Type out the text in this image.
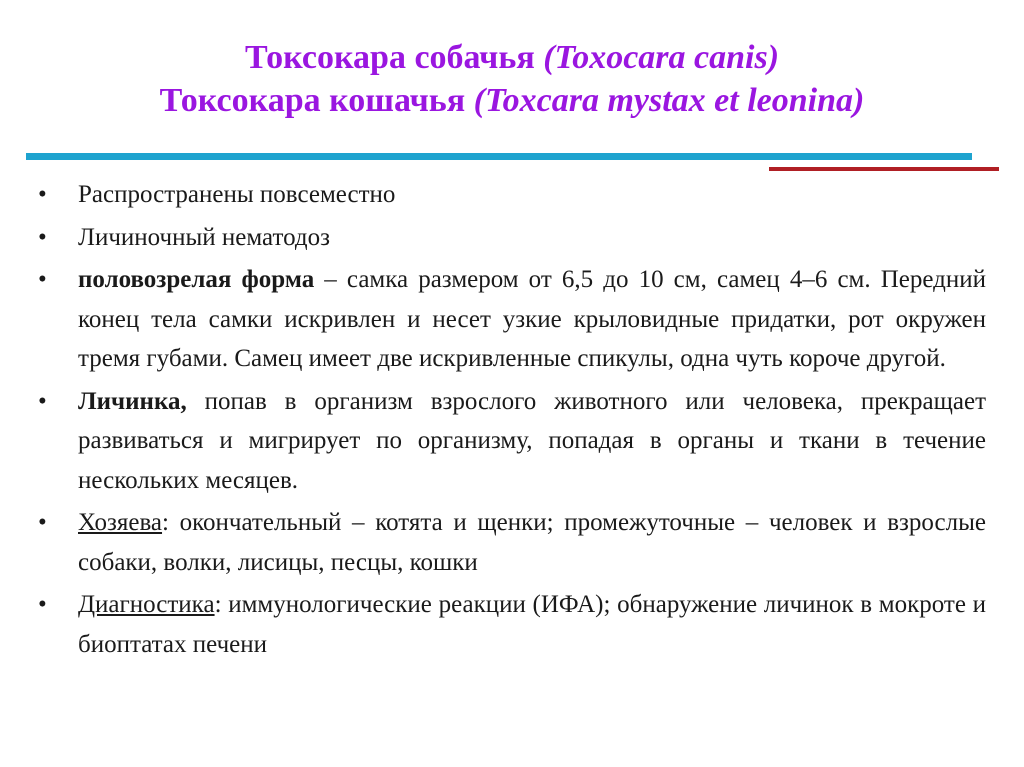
Токсокара собачья (Toxocara canis)
Токсокара кошачья (Toxcara mystax et leonina)
• Распространены повсеместно
• Личиночный нематодоз
• половозрелая форма – самка размером от 6,5 до 10 см, самец 4–6 см. Передний конец тела самки искривлен и несет узкие крыловидные придатки, рот окружен тремя губами. Самец имеет две искривленные спикулы, одна чуть короче другой.
• Личинка, попав в организм взрослого животного или человека, прекращает развиваться и мигрирует по организму, попадая в органы и ткани в течение нескольких месяцев.
• Хозяева: окончательный – котята и щенки; промежуточные – человек и взрослые собаки, волки, лисицы, песцы, кошки
• Диагностика: иммунологические реакции (ИФА); обнаружение личинок в мокроте и биоптатах печени
